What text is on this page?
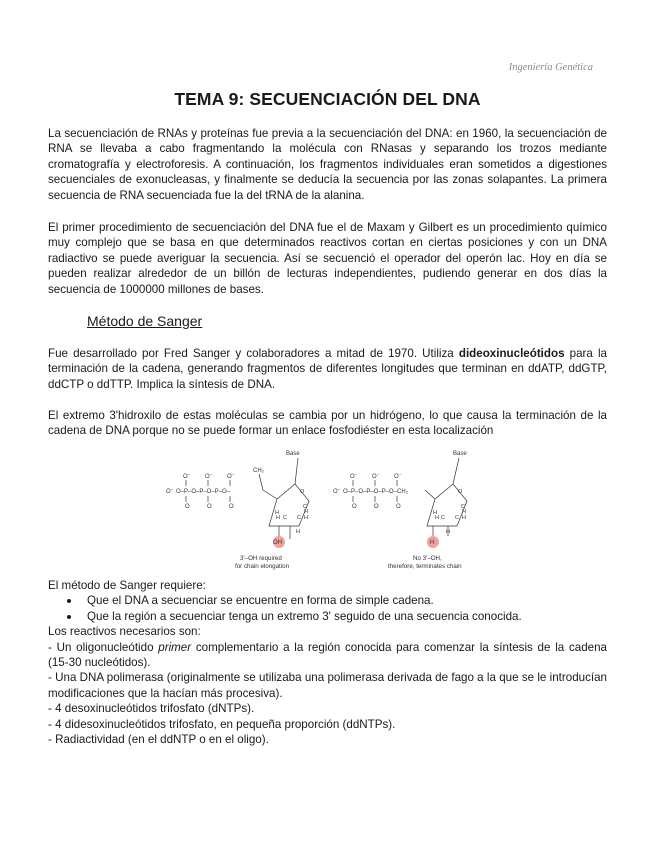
Ingeniería Genética
TEMA 9: SECUENCIACIÓN DEL DNA

La secuenciación de RNAs y proteínas fue previa a la secuenciación del DNA: en 1960, la secuenciación de RNA se llevaba a cabo fragmentando la molécula con RNasas y separando los trozos mediante cromatografía y electroforesis. A continuación, los fragmentos individuales eran sometidos a digestiones secuenciales de exonucleasas, y finalmente se deducía la secuencia por las zonas solapantes. La primera secuencia de RNA secuenciada fue la del tRNA de la alanina.

El primer procedimiento de secuenciación del DNA fue el de Maxam y Gilbert es un procedimiento químico muy complejo que se basa en que determinados reactivos cortan en ciertas posiciones y con un DNA radiactivo se puede averiguar la secuencia. Así se secuenció el operador del operón lac. Hoy en día se pueden realizar alrededor de un billón de lecturas independientes, pudiendo generar en dos días la secuencia de 1000000 millones de bases.

Método de Sanger

Fue desarrollado por Fred Sanger y colaboradores a mitad de 1970. Utiliza dideoxinucleótidos para la terminación de la cadena, generando fragmentos de diferentes longitudes que terminan en ddATP, ddGTP, ddCTP o ddTTP. Implica la síntesis de DNA.

El extremo 3'hidroxilo de estas moléculas se cambia por un hidrógeno, lo que causa la terminación de la cadena de DNA porque no se puede formar un enlace fosfodiéster en esta localización

O⁻ O–P–O–P–O–P–O–
O⁻ O⁻ O⁻
O	O	O
H C C H
H
C
H
H
O
Base
CH₂
OH
3'–OH required
for chain elongation
O⁻ O–P–O–P–O–P–O–CH₂
O⁻ O⁻ O⁻
O	O	O
H C C H
H
C
H
H
O
Base
H
No 3'–OH,
therefore, terminates chain

El método de Sanger requiere:

Que el DNA a secuenciar se encuentre en forma de simple cadena.
Que la región a secuenciar tenga un extremo 3' seguido de una secuencia conocida.

Los reactivos necesarios son:

- Un oligonucleótido primer complementario a la región conocida para comenzar la síntesis de la cadena (15-30 nucleótidos).

- Una DNA polimerasa (originalmente se utilizaba una polimerasa derivada de fago a la que se le introducían modificaciones que la hacían más procesiva).

- 4 desoxinucleótidos trifosfato (dNTPs).

- 4 didesoxinucleótidos trifosfato, en pequeña proporción (ddNTPs).

- Radiactividad (en el ddNTP o en el oligo).
